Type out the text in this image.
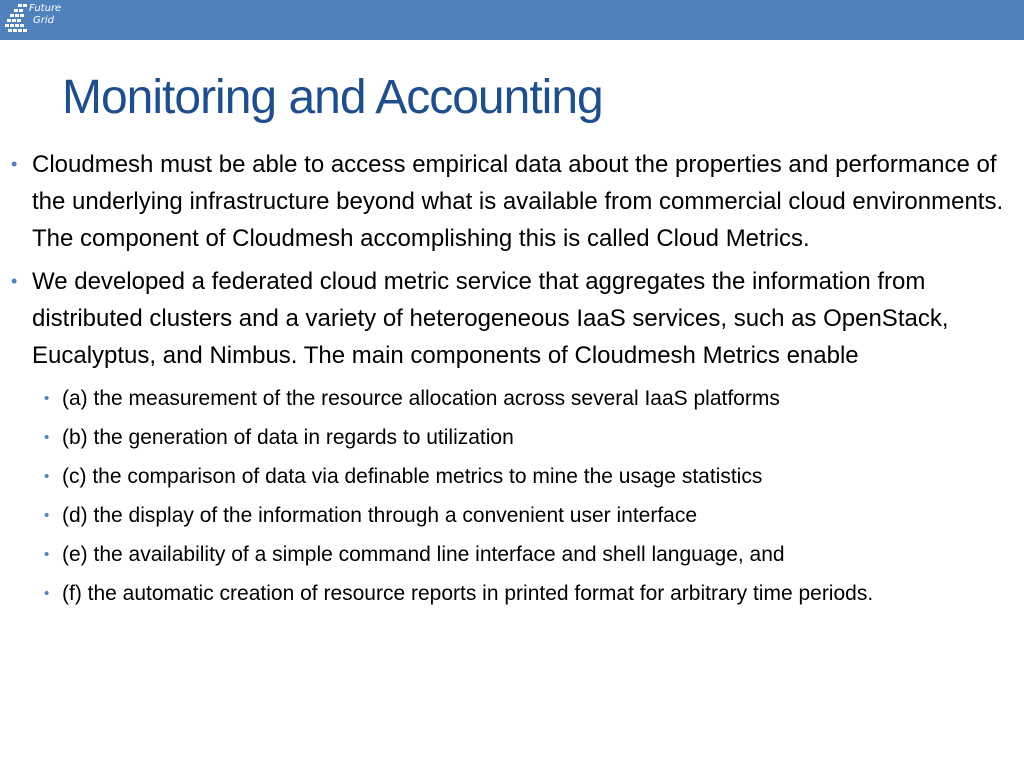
Future
Grid
Monitoring and Accounting
• Cloudmesh must be able to access empirical data about the properties and performance of the underlying infrastructure beyond what is available from commercial cloud environments. The component of Cloudmesh accomplishing this is called Cloud Metrics.
• We developed a federated cloud metric service that aggregates the information from distributed clusters and a variety of heterogeneous IaaS services, such as OpenStack, Eucalyptus, and Nimbus. The main components of Cloudmesh Metrics enable
• (a) the measurement of the resource allocation across several IaaS platforms
• (b) the generation of data in regards to utilization
• (c) the comparison of data via definable metrics to mine the usage statistics
• (d) the display of the information through a convenient user interface
• (e) the availability of a simple command line interface and shell language, and
• (f) the automatic creation of resource reports in printed format for arbitrary time periods.
